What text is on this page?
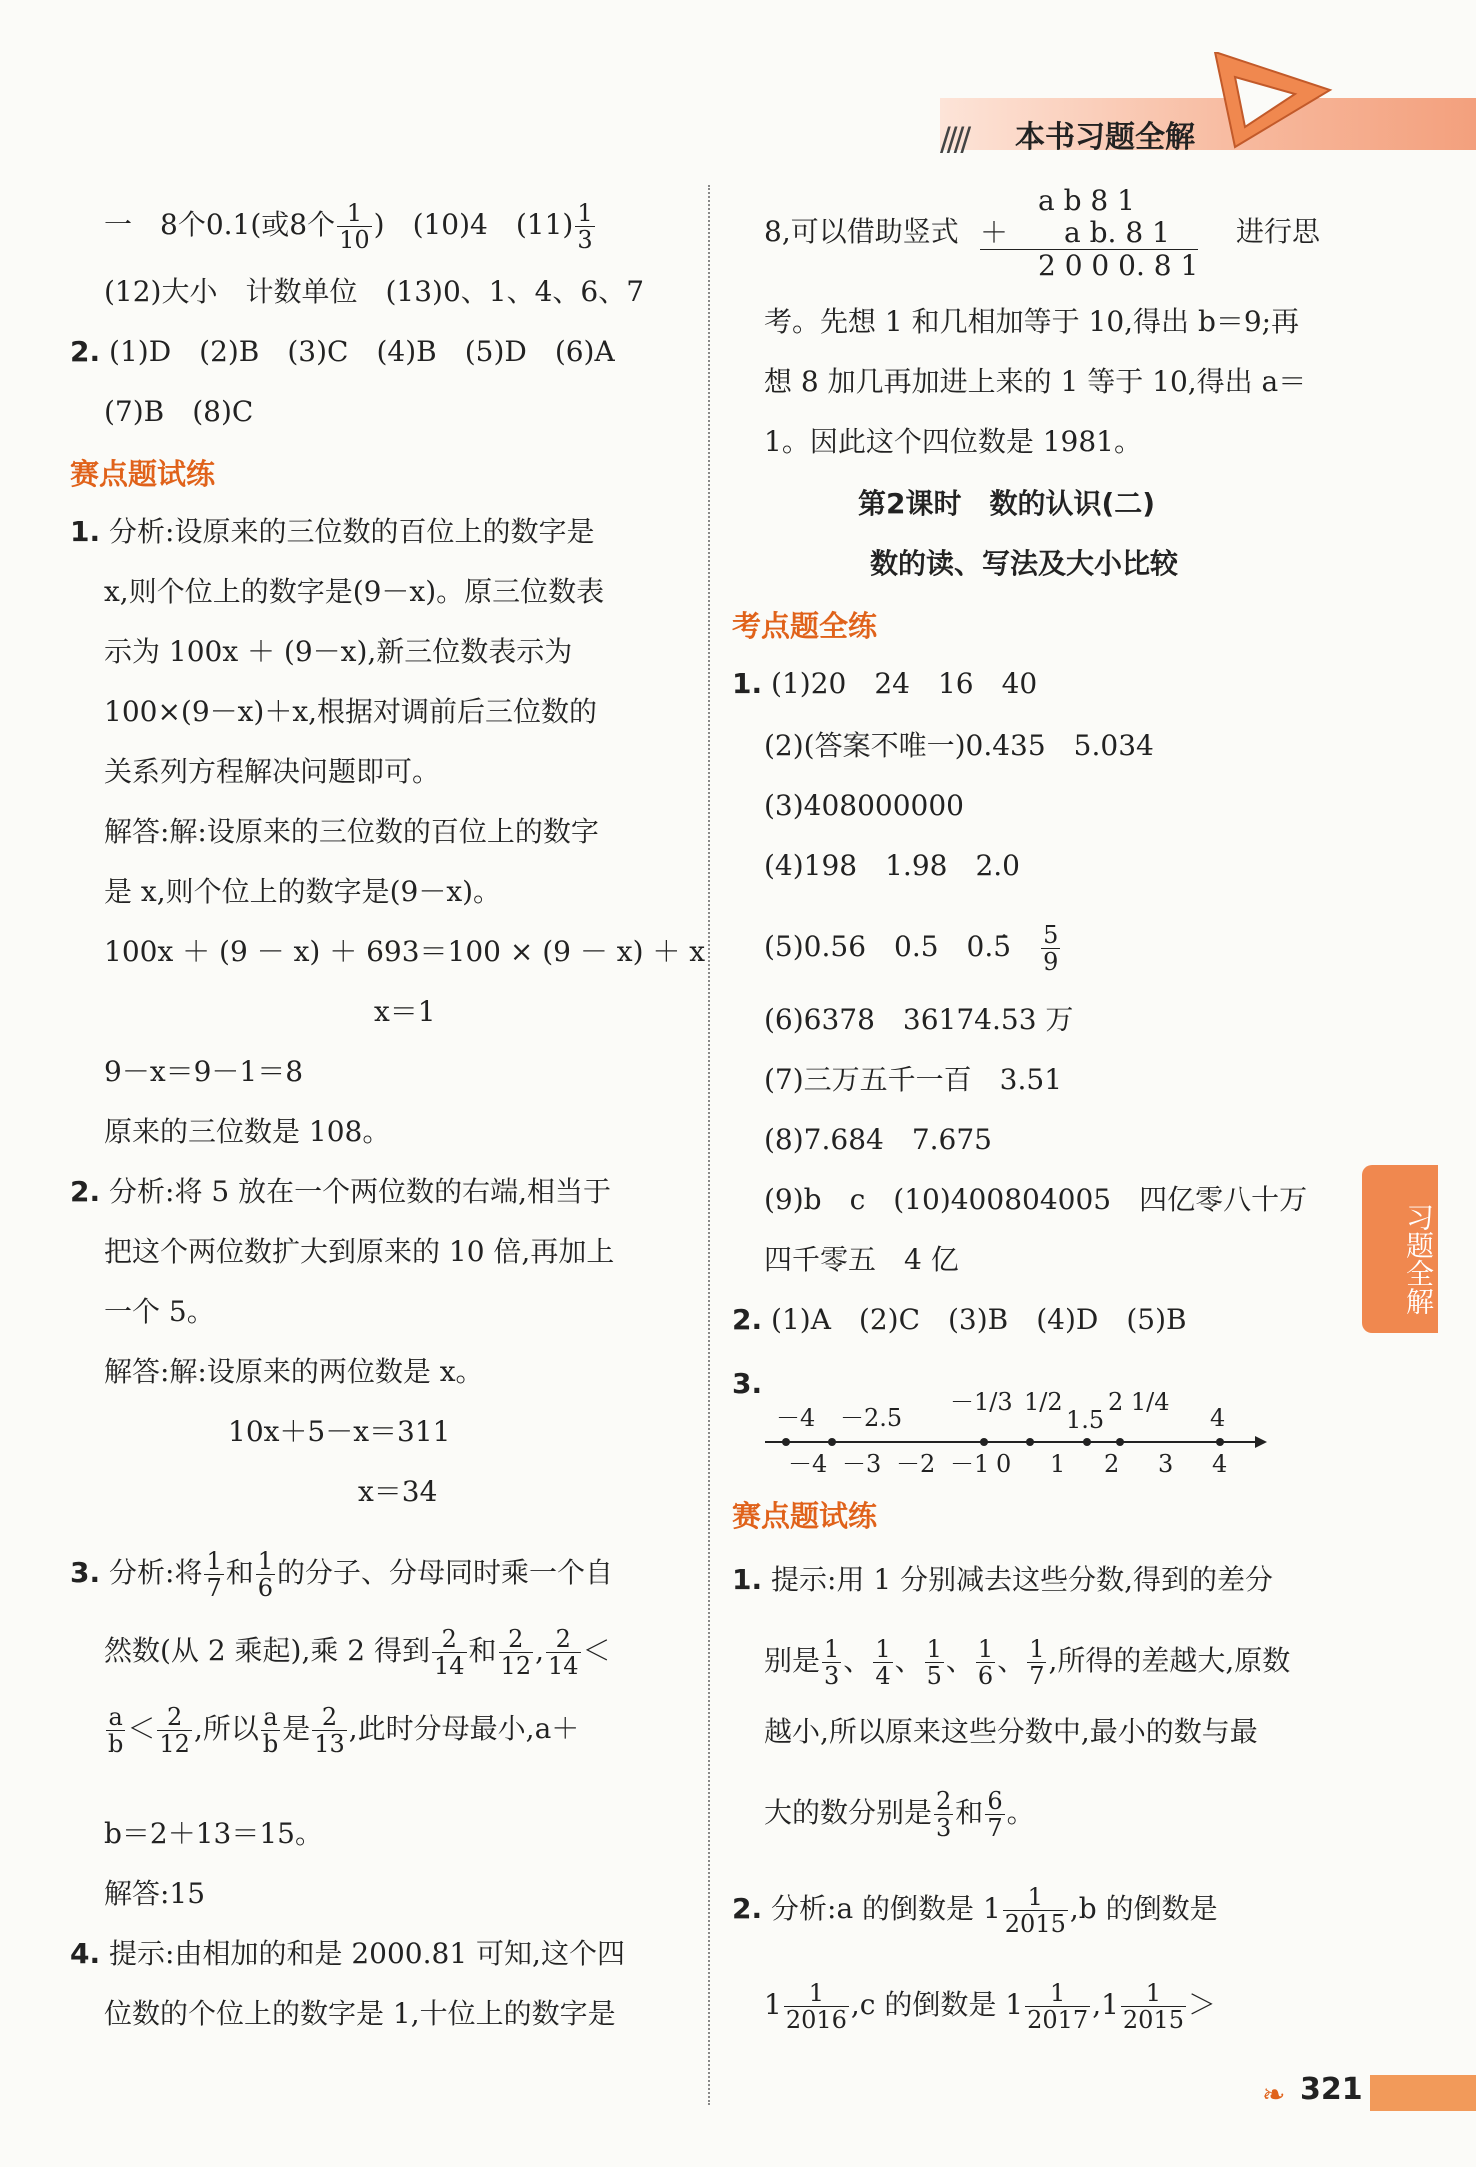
//// 本书习题全解
一　8个0.1(或8个 $\frac{1}{10}$ )　(10)4　$(11) \frac{1}{3}$
(12)大小　计数单位　(13)0、1、4、6、7
2. (1)D　(2)B　(3)C　(4)B　(5)D　(6)A
(7)B　(8)C
赛点题试练
1. 分析:设原来的三位数的百位上的数字是
x,则个位上的数字是(9－x)。原三位数表
示为 100x ＋ (9－x),新三位数表示为
100×(9－x)＋x,根据对调前后三位数的
关系列方程解决问题即可。
解答:解:设原来的三位数的百位上的数字
是 x,则个位上的数字是(9－x)。
100x ＋ (9 － x) ＋ 693＝100 × (9 － x) ＋ x
x＝1
9－x＝9－1＝8
原来的三位数是 108。
2. 分析:将 5 放在一个两位数的右端,相当于
把这个两位数扩大到原来的 10 倍,再加上
一个 5。
解答:解:设原来的两位数是 x。
10x＋5－x＝311
x＝34
3. 分析:将 $\frac{1}{7}$ 和 $\frac{1}{6}$ 的分子、分母同时乘一个自
然数(从 2 乘起),乘 2 得到 $\frac{2}{14}$ 和 $\frac{2}{12}$ , $\frac{2}{14}$ ＜
$\frac{a}{b} < \frac{2}{12}$ ,所以 $\frac{a}{b}$ 是 $\frac{2}{13}$ ,此时分母最小,a＋
b＝2＋13＝15。
解答:15
4. 提示:由相加的和是 2000.81 可知,这个四
位数的个位上的数字是 1,十位上的数字是
a b 8 1
＋　　a b. 8 1
2 0 0 0. 8 1
8,可以借助竖式	进行思
考。先想 1 和几相加等于 10,得出 b＝9;再
想 8 加几再加进上来的 1 等于 10,得出 a＝
1。因此这个四位数是 1981。
第2课时　数的认识(二)
数的读、写法及大小比较
考点题全练
1. (1)20　24　16　40
(2)(答案不唯一)0.435　5.034
(3)408000000
(4)198　1.98　2.0
(5)0.56　0.5　0.5̇　 $\frac{5}{9}$
(6)6378　36174.53 万
(7)三万五千一百　3.51
(8)7.684　7.675
(9)b　c　(10)400804005　四亿零八十万
四千零五　4 亿
2. (1)A　(2)C　(3)B　(4)D　(5)B
3.
－4 －3 －2 －1 0 1 2 3 4
－4 －2.5
－1/3 1/2
1.5
2 1/4
4
赛点题试练
1. 提示:用 1 分别减去这些分数,得到的差分
别是 $\frac{1}{3}$ 、 $\frac{1}{4}$ 、 $\frac{1}{5}$ 、 $\frac{1}{6}$ 、 $\frac{1}{7}$ ,所得的差越大,原数
越小,所以原来这些分数中,最小的数与最
大的数分别是 $\frac{2}{3}$ 和 $\frac{6}{7}$ 。
2. 分析:a 的倒数是 $1 \frac{1}{2015} ,b$ 的倒数是
$1 \frac{1}{2016} ,c$ 的倒数是 $1 \frac{1}{2017} ,1 \frac{1}{2015}$ ＞
习题全解
❧ 321
